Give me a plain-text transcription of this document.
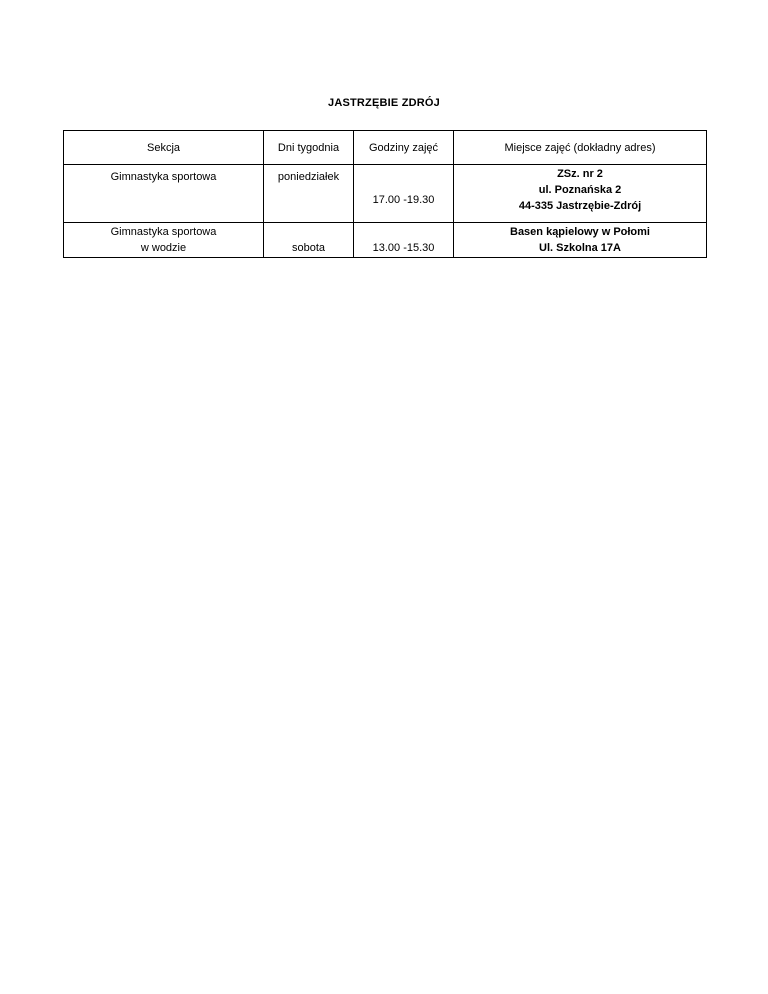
JASTRZĘBIE ZDRÓJ
Sekcja	Dni tygodnia	Godziny zajęć	Miejsce zajęć (dokładny adres)

Gimnastyka sportowa	poniedziałek	17.00 -19.30	ZSz. nr 2
ul. Poznańska 2
44-335 Jastrzębie-Zdrój

Gimnastyka sportowa
w wodzie	sobota	13.00 -15.30	Basen kąpielowy w Połomi
Ul. Szkolna 17A
